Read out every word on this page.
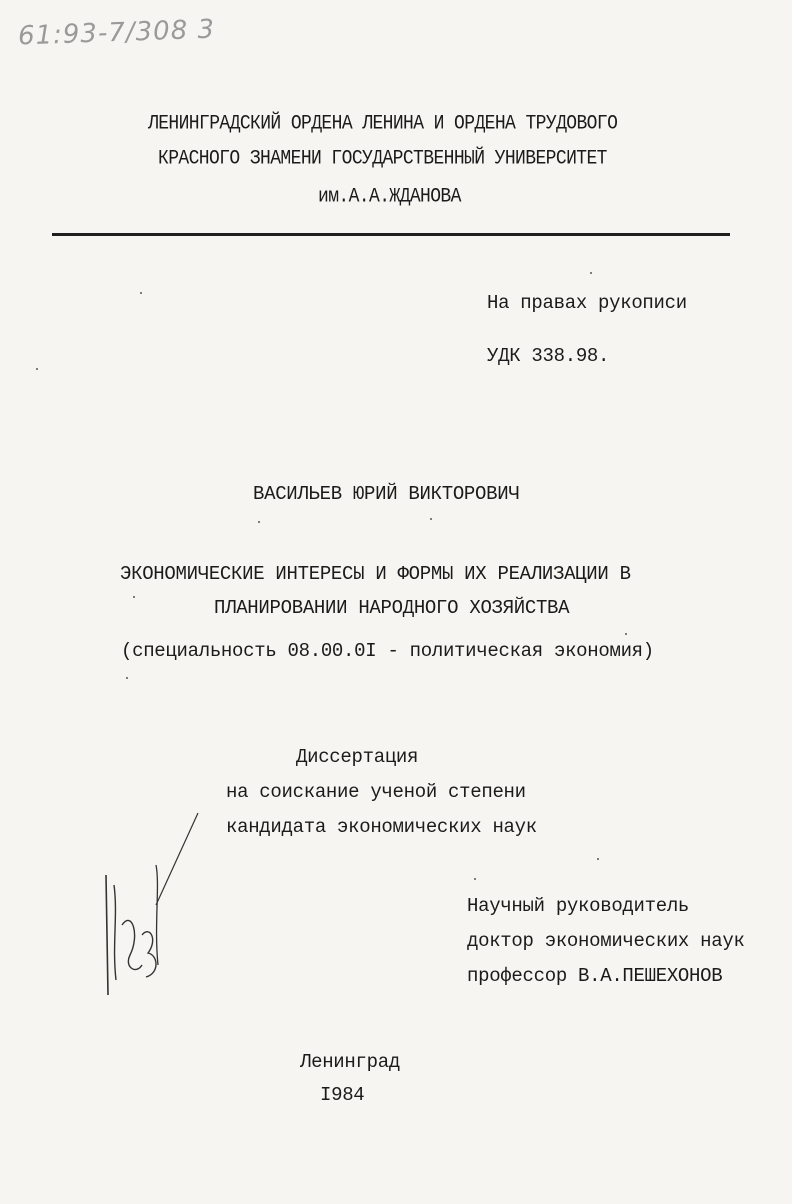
61:93-7/308 3
ЛЕНИНГРАДСКИЙ ОРДЕНА ЛЕНИНА И ОРДЕНА ТРУДОВОГО
КРАСНОГО ЗНАМЕНИ ГОСУДАРСТВЕННЫЙ УНИВЕРСИТЕТ
им.А.А.ЖДАНОВА
На правах рукописи
УДК 338.98.
ВАСИЛЬЕВ ЮРИЙ ВИКТОРОВИЧ
ЭКОНОМИЧЕСКИЕ ИНТЕРЕСЫ И ФОРМЫ ИХ РЕАЛИЗАЦИИ В
ПЛАНИРОВАНИИ НАРОДНОГО ХОЗЯЙСТВА
(специальность 08.00.0I - политическая экономия)
Диссертация
на соискание ученой степени
кандидата экономических наук
Научный руководитель
доктор экономических наук
профессор В.А.ПЕШЕХОНОВ
Ленинград
I984
